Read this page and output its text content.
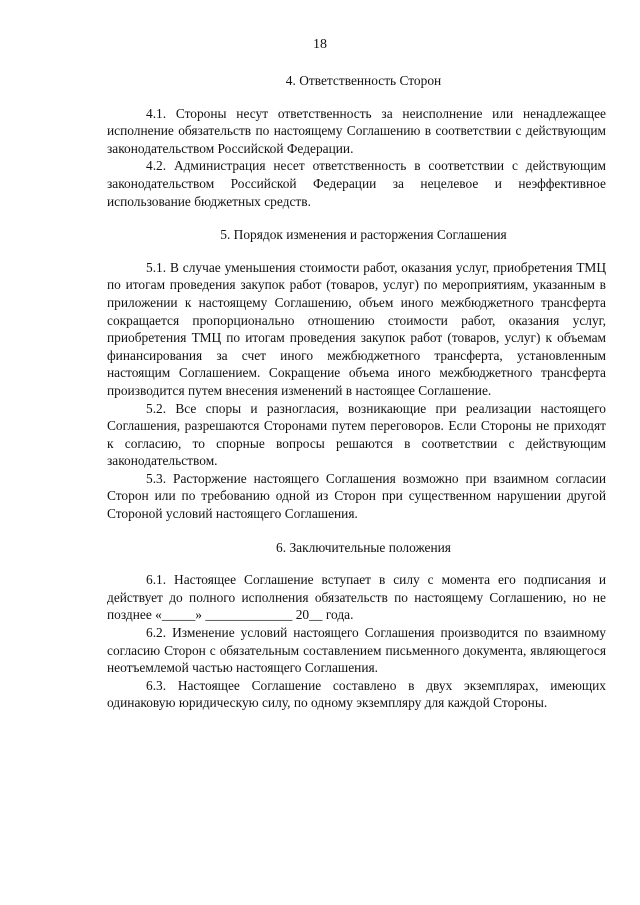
18

4. Ответственность Сторон

4.1. Стороны несут ответственность за неисполнение или ненадлежащее исполнение обязательств по настоящему Соглашению в соответствии с действующим законодательством Российской Федерации.

4.2. Администрация несет ответственность в соответствии с действующим законодательством Российской Федерации за нецелевое и неэффективное использование бюджетных средств.

5. Порядок изменения и расторжения Соглашения

5.1. В случае уменьшения стоимости работ, оказания услуг, приобретения ТМЦ по итогам проведения закупок работ (товаров, услуг) по мероприятиям, указанным в приложении к настоящему Соглашению, объем иного межбюджетного трансферта сокращается пропорционально отношению стоимости работ, оказания услуг, приобретения ТМЦ по итогам проведения закупок работ (товаров, услуг) к объемам финансирования за счет иного межбюджетного трансферта, установленным настоящим Соглашением. Сокращение объема иного межбюджетного трансферта производится путем внесения изменений в настоящее Соглашение.

5.2. Все споры и разногласия, возникающие при реализации настоящего Соглашения, разрешаются Сторонами путем переговоров. Если Стороны не приходят к согласию, то спорные вопросы решаются в соответствии с действующим законодательством.

5.3. Расторжение настоящего Соглашения возможно при взаимном согласии Сторон или по требованию одной из Сторон при существенном нарушении другой Стороной условий настоящего Соглашения.

6. Заключительные положения

6.1. Настоящее Соглашение вступает в силу с момента его подписания и действует до полного исполнения обязательств по настоящему Соглашению, но не позднее «_____» _____________ 20__ года.

6.2. Изменение условий настоящего Соглашения производится по взаимному согласию Сторон с обязательным составлением письменного документа, являющегося неотъемлемой частью настоящего Соглашения.

6.3. Настоящее Соглашение составлено в двух экземплярах, имеющих одинаковую юридическую силу, по одному экземпляру для каждой Стороны.
